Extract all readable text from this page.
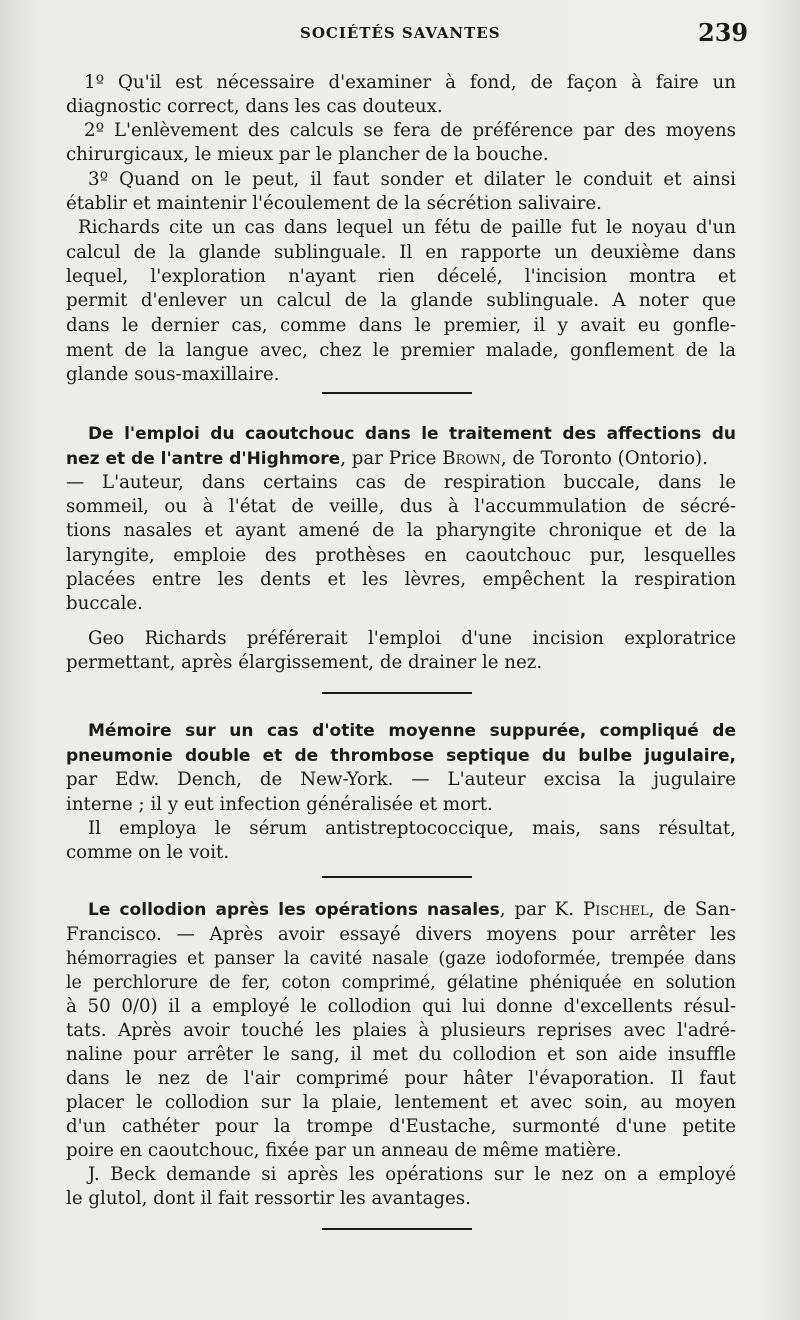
SOCIÉTÉS SAVANTES	239
1º Qu'il est nécessaire d'examiner à fond, de façon à faire un
diagnostic correct, dans les cas douteux.
2º L'enlèvement des calculs se fera de préférence par des moyens
chirurgicaux, le mieux par le plancher de la bouche.
3º Quand on le peut, il faut sonder et dilater le conduit et ainsi
établir et maintenir l'écoulement de la sécrétion salivaire.
Richards cite un cas dans lequel un fétu de paille fut le noyau d'un
calcul de la glande sublinguale. Il en rapporte un deuxième dans
lequel, l'exploration n'ayant rien décelé, l'incision montra et
permit d'enlever un calcul de la glande sublinguale. A noter que
dans le dernier cas, comme dans le premier, il y avait eu gonfle-
ment de la langue avec, chez le premier malade, gonflement de la
glande sous-maxillaire.
De l'emploi du caoutchouc dans le traitement des affections du
nez et de l'antre d'Highmore, par Price Brown, de Toronto (Ontorio).
— L'auteur, dans certains cas de respiration buccale, dans le
sommeil, ou à l'état de veille, dus à l'accummulation de sécré-
tions nasales et ayant amené de la pharyngite chronique et de la
laryngite, emploie des prothèses en caoutchouc pur, lesquelles
placées entre les dents et les lèvres, empêchent la respiration
buccale.
Geo Richards préférerait l'emploi d'une incision exploratrice
permettant, après élargissement, de drainer le nez.
Mémoire sur un cas d'otite moyenne suppurée, compliqué de
pneumonie double et de thrombose septique du bulbe jugulaire,
par Edw. Dench, de New-York. — L'auteur excisa la jugulaire
interne ; il y eut infection généralisée et mort.
Il employa le sérum antistreptococcique, mais, sans résultat,
comme on le voit.
Le collodion après les opérations nasales, par K. Pischel, de San-
Francisco. — Après avoir essayé divers moyens pour arrêter les
hémorragies et panser la cavité nasale (gaze iodoformée, trempée dans
le perchlorure de fer, coton comprimé, gélatine phéniquée en solution
à 50 0/0) il a employé le collodion qui lui donne d'excellents résul-
tats. Après avoir touché les plaies à plusieurs reprises avec l'adré-
naline pour arrêter le sang, il met du collodion et son aide insuffle
dans le nez de l'air comprimé pour hâter l'évaporation. Il faut
placer le collodion sur la plaie, lentement et avec soin, au moyen
d'un cathéter pour la trompe d'Eustache, surmonté d'une petite
poire en caoutchouc, fixée par un anneau de même matière.
J. Beck demande si après les opérations sur le nez on a employé
le glutol, dont il fait ressortir les avantages.
